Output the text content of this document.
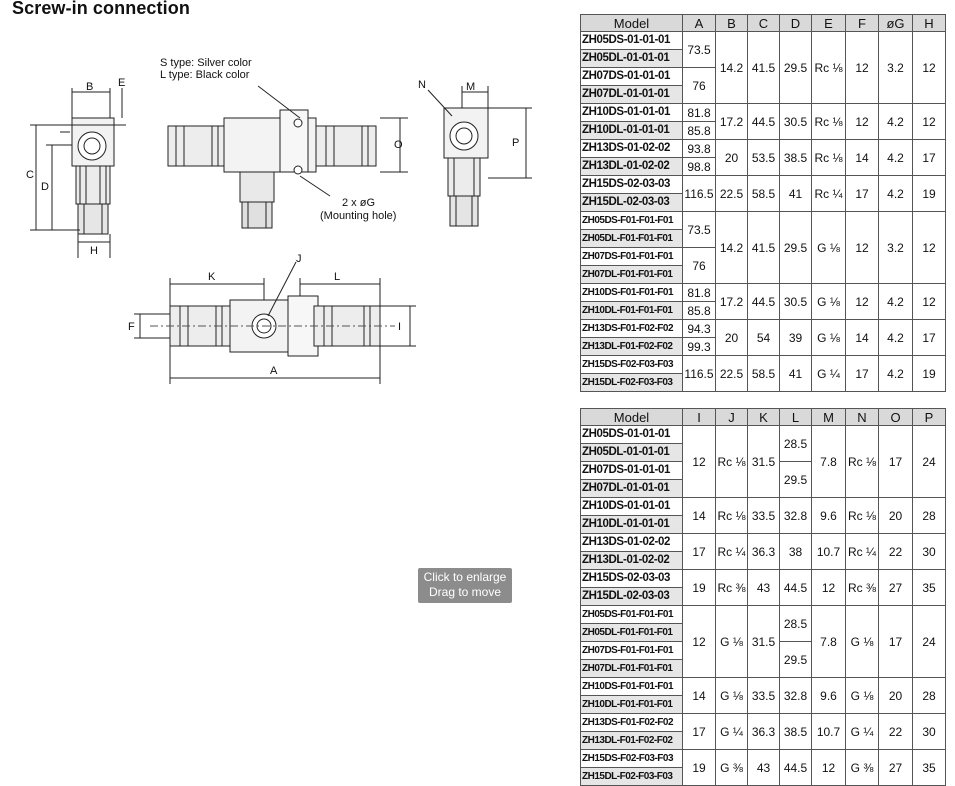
Screw-in connection
S type: Silver color
L type: Black color
2 x øG
(Mounting hole)
B E
C
D
H
N	M
O	P
K
J
L
F	I
A
Model	A	B	C	D	E	F	øG	H
ZH05DS-01-01-01	73.5	14.2	41.5	29.5	Rc ⅛	12	3.2	12
ZH05DL-01-01-01								
ZH07DS-01-01-01	76							
ZH07DL-01-01-01								
ZH10DS-01-01-01	81.8	17.2	44.5	30.5	Rc ⅛	12	4.2	12
ZH10DL-01-01-01	85.8							
ZH13DS-01-02-02	93.8	20	53.5	38.5	Rc ⅛	14	4.2	17
ZH13DL-01-02-02	98.8							
ZH15DS-02-03-03	116.5	22.5	58.5	41	Rc ¼	17	4.2	19
ZH15DL-02-03-03								
ZH05DS-F01-F01-F01	73.5	14.2	41.5	29.5	G ⅛	12	3.2	12
ZH05DL-F01-F01-F01								
ZH07DS-F01-F01-F01	76							
ZH07DL-F01-F01-F01								
ZH10DS-F01-F01-F01	81.8	17.2	44.5	30.5	G ⅛	12	4.2	12
ZH10DL-F01-F01-F01	85.8							
ZH13DS-F01-F02-F02	94.3	20	54	39	G ⅛	14	4.2	17
ZH13DL-F01-F02-F02	99.3							
ZH15DS-F02-F03-F03	116.5	22.5	58.5	41	G ¼	17	4.2	19
ZH15DL-F02-F03-F03								
Model	I	J	K	L	M	N	O	P
ZH05DS-01-01-01	12	Rc ⅛	31.5	28.5	7.8	Rc ⅛	17	24
ZH05DL-01-01-01								
ZH07DS-01-01-01				29.5				
ZH07DL-01-01-01								
ZH10DS-01-01-01	14	Rc ⅛	33.5	32.8	9.6	Rc ⅛	20	28
ZH10DL-01-01-01								
ZH13DS-01-02-02	17	Rc ¼	36.3	38	10.7	Rc ¼	22	30
ZH13DL-01-02-02								
ZH15DS-02-03-03	19	Rc ⅜	43	44.5	12	Rc ⅜	27	35
ZH15DL-02-03-03								
ZH05DS-F01-F01-F01	12	G ⅛	31.5	28.5	7.8	G ⅛	17	24
ZH05DL-F01-F01-F01								
ZH07DS-F01-F01-F01				29.5				
ZH07DL-F01-F01-F01								
ZH10DS-F01-F01-F01	14	G ⅛	33.5	32.8	9.6	G ⅛	20	28
ZH10DL-F01-F01-F01								
ZH13DS-F01-F02-F02	17	G ¼	36.3	38.5	10.7	G ¼	22	30
ZH13DL-F01-F02-F02								
ZH15DS-F02-F03-F03	19	G ⅜	43	44.5	12	G ⅜	27	35
ZH15DL-F02-F03-F03								
Click to enlarge
Drag to move
